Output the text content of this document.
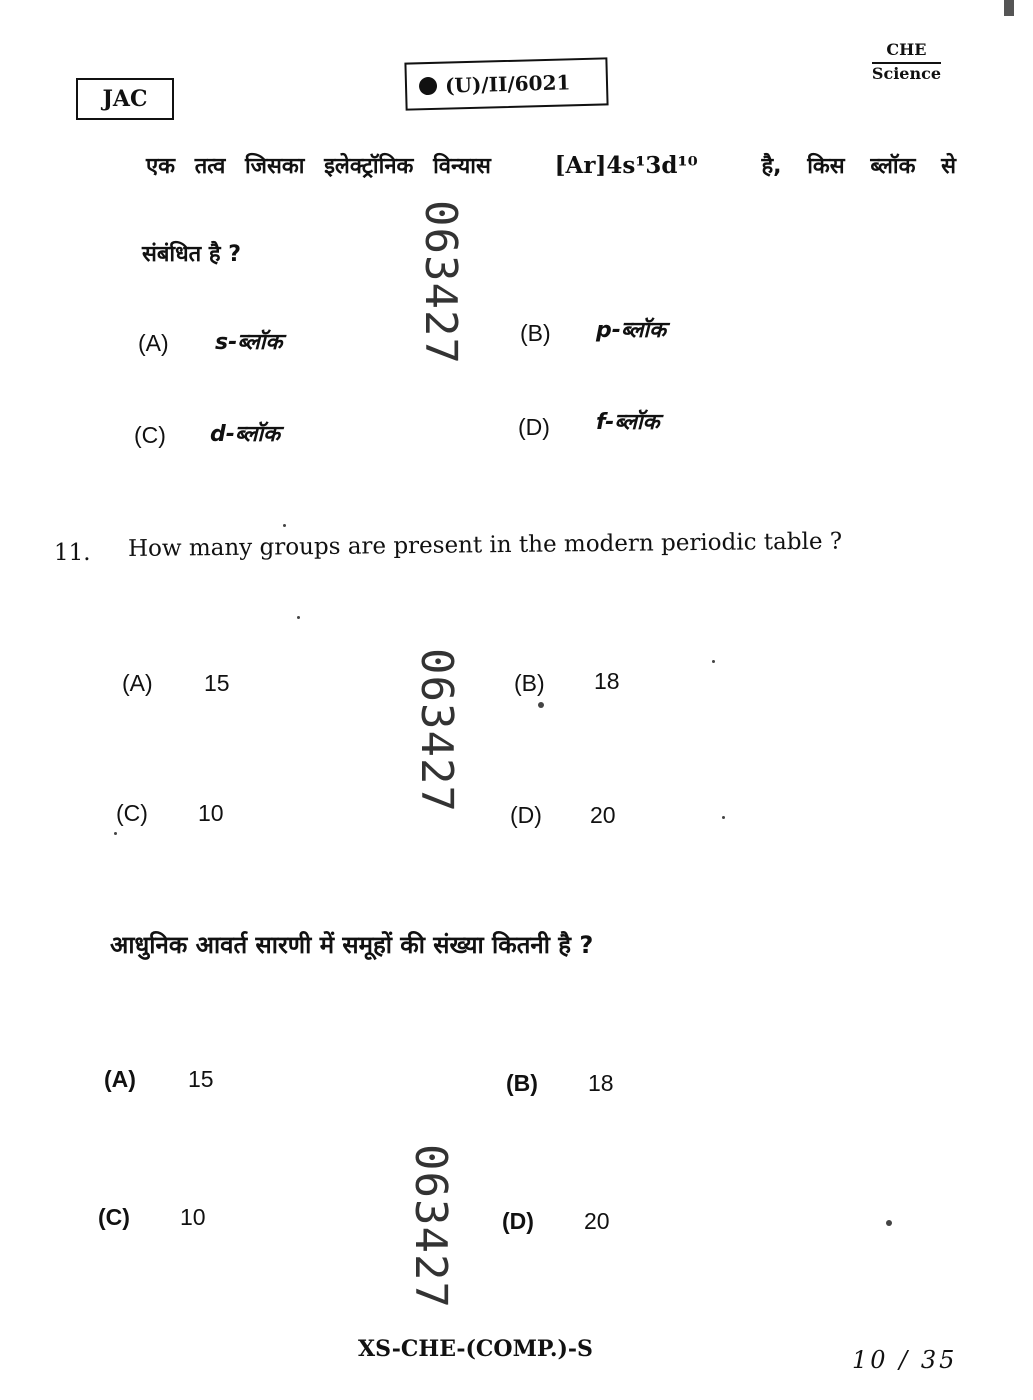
JAC
(U)/II/6021
CHE
Science
एक तत्व जिसका इलेक्ट्रॉनिक विन्यास	[Ar]4s¹3d¹⁰	है, किस ब्लॉक से
संबंधित है ?
(A) s-ब्लॉक	(B) p-ब्लॉक
(C) d-ब्लॉक	(D) f-ब्लॉक
11. How many groups are present in the modern periodic table ?
(A) 15	(B) 18
(C) 10	(D) 20
आधुनिक आवर्त सारणी में समूहों की संख्या कितनी है ?
(A) 15	(B) 18
(C) 10	(D) 20
063427
063427
063427
XS-CHE-(COMP.)-S	10 / 35
